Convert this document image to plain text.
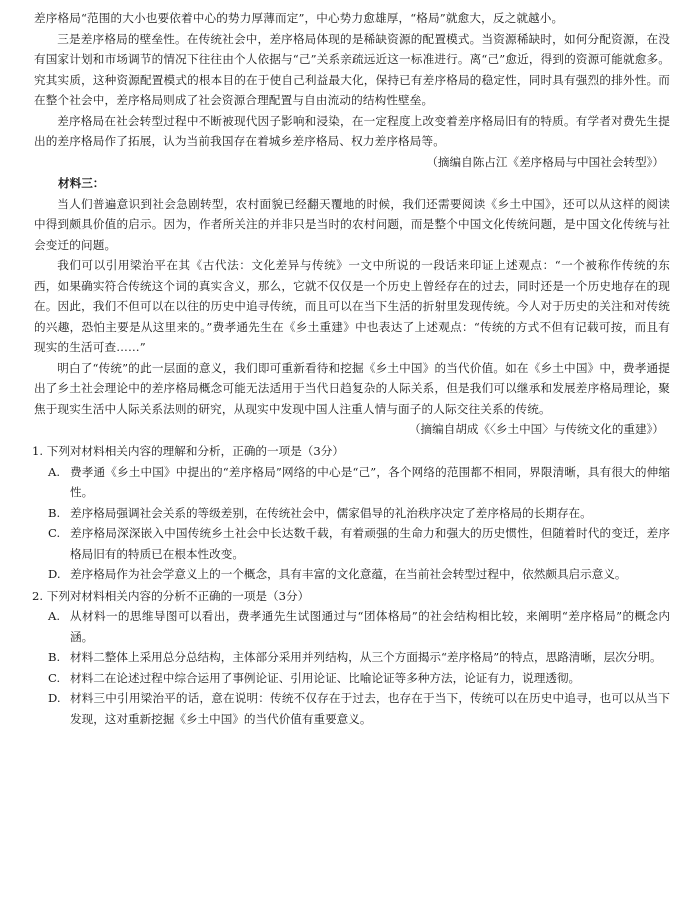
差序格局“范围的大小也要依着中心的势力厚薄而定”，中心势力愈雄厚，“格局”就愈大，反之就越小。

三是差序格局的壁垒性。在传统社会中，差序格局体现的是稀缺资源的配置模式。当资源稀缺时，如何分配资源，在没有国家计划和市场调节的情况下往往由个人依据与“己”关系亲疏远近这一标准进行。离“己”愈近，得到的资源可能就愈多。究其实质，这种资源配置模式的根本目的在于使自己利益最大化，保持已有差序格局的稳定性，同时具有强烈的排外性。而在整个社会中，差序格局则成了社会资源合理配置与自由流动的结构性壁垒。

差序格局在社会转型过程中不断被现代因子影响和浸染，在一定程度上改变着差序格局旧有的特质。有学者对费先生提出的差序格局作了拓展，认为当前我国存在着城乡差序格局、权力差序格局等。

（摘编自陈占江《差序格局与中国社会转型》）

材料三：

当人们普遍意识到社会急剧转型，农村面貌已经翻天覆地的时候，我们还需要阅读《乡土中国》，还可以从这样的阅读中得到颇具价值的启示。因为，作者所关注的并非只是当时的农村问题，而是整个中国文化传统问题，是中国文化传统与社会变迁的问题。

我们可以引用梁治平在其《古代法：文化差异与传统》一文中所说的一段话来印证上述观点：“一个被称作传统的东西，如果确实符合传统这个词的真实含义，那么，它就不仅仅是一个历史上曾经存在的过去，同时还是一个历史地存在的现在。因此，我们不但可以在以往的历史中追寻传统，而且可以在当下生活的折射里发现传统。今人对于历史的关注和对传统的兴趣，恐怕主要是从这里来的。”费孝通先生在《乡土重建》中也表达了上述观点：“传统的方式不但有记载可按，而且有现实的生活可查……”

明白了“传统”的此一层面的意义，我们即可重新看待和挖掘《乡土中国》的当代价值。如在《乡土中国》中，费孝通提出了乡土社会理论中的差序格局概念可能无法适用于当代日趋复杂的人际关系，但是我们可以继承和发展差序格局理论，聚焦于现实生活中人际关系法则的研究，从现实中发现中国人注重人情与面子的人际交往关系的传统。

（摘编自胡成《〈乡土中国〉与传统文化的重建》）

1. 下列对材料相关内容的理解和分析，正确的一项是（3分）

A. 费孝通《乡土中国》中提出的“差序格局”网络的中心是“己”，各个网络的范围都不相同，界限清晰，具有很大的伸缩性。
B. 差序格局强调社会关系的等级差别，在传统社会中，儒家倡导的礼治秩序决定了差序格局的长期存在。
C. 差序格局深深嵌入中国传统乡土社会中长达数千载，有着顽强的生命力和强大的历史惯性，但随着时代的变迁，差序格局旧有的特质已在根本性改变。
D. 差序格局作为社会学意义上的一个概念，具有丰富的文化意蕴，在当前社会转型过程中，依然颇具启示意义。

2. 下列对材料相关内容的分析不正确的一项是（3分）

A. 从材料一的思维导图可以看出，费孝通先生试图通过与“团体格局”的社会结构相比较，来阐明“差序格局”的概念内涵。
B. 材料二整体上采用总分总结构，主体部分采用并列结构，从三个方面揭示“差序格局”的特点，思路清晰，层次分明。
C. 材料二在论述过程中综合运用了事例论证、引用论证、比喻论证等多种方法，论证有力，说理透彻。
D. 材料三中引用梁治平的话，意在说明：传统不仅存在于过去，也存在于当下，传统可以在历史中追寻，也可以从当下发现，这对重新挖掘《乡土中国》的当代价值有重要意义。
